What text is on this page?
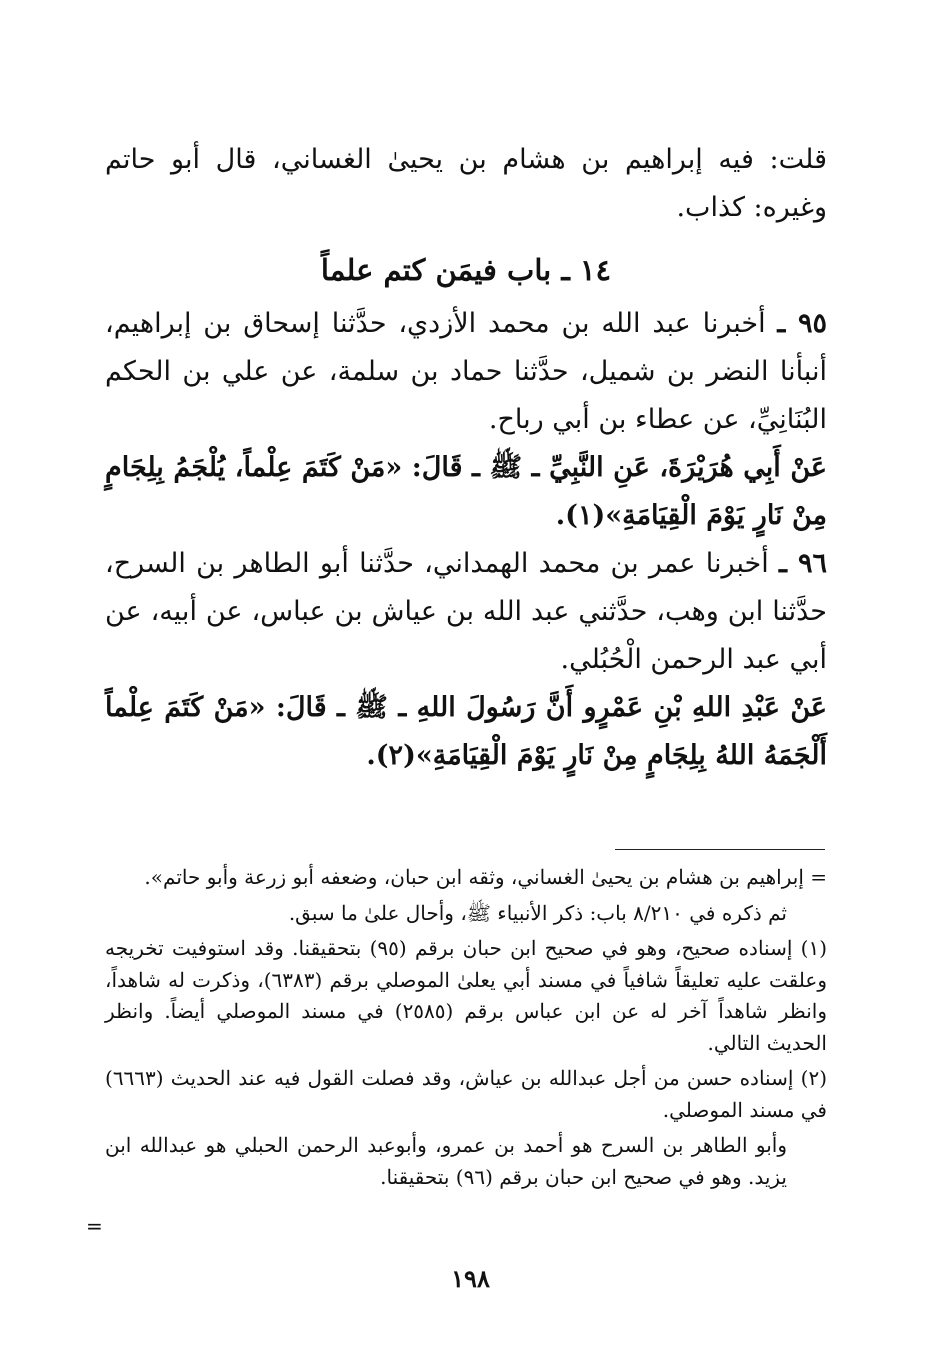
قلت: فيه إبراهيم بن هشام بن يحيىٰ الغساني، قال أبو حاتم وغيره: كذاب.

١٤ ـ باب فيمَن كتم علماً

٩٥ ـ أخبرنا عبد الله بن محمد الأزدي، حدَّثنا إسحاق بن إبراهيم، أنبأنا النضر بن شميل، حدَّثنا حماد بن سلمة، عن علي بن الحكم البُنَانِيِّ، عن عطاء بن أبي رباح.

عَنْ أَبِي هُرَيْرَةَ، عَنِ النَّبِيِّ ـ ﷺ ـ قَالَ: «مَنْ كَتَمَ عِلْماً، يُلْجَمُ بِلِجَامٍ مِنْ نَارٍ يَوْمَ الْقِيَامَةِ»(١).

٩٦ ـ أخبرنا عمر بن محمد الهمداني، حدَّثنا أبو الطاهر بن السرح، حدَّثنا ابن وهب، حدَّثني عبد الله بن عياش بن عباس، عن أبيه، عن أبي عبد الرحمن الْحُبُلي.

عَنْ عَبْدِ اللهِ بْنِ عَمْرٍو أَنَّ رَسُولَ اللهِ ـ ﷺ ـ قَالَ: «مَنْ كَتَمَ عِلْماً أَلْجَمَهُ اللهُ بِلِجَامٍ مِنْ نَارٍ يَوْمَ الْقِيَامَةِ»(٢).

= إبراهيم بن هشام بن يحيىٰ الغساني، وثقه ابن حبان، وضعفه أبو زرعة وأبو حاتم».

ثم ذكره في ٨/٢١٠ باب: ذكر الأنبياء ﷺ، وأحال علىٰ ما سبق.

(١) إسناده صحيح، وهو في صحيح ابن حبان برقم (٩٥) بتحقيقنا. وقد استوفيت تخريجه وعلقت عليه تعليقاً شافياً في مسند أبي يعلىٰ الموصلي برقم (٦٣٨٣)، وذكرت له شاهداً، وانظر شاهداً آخر له عن ابن عباس برقم (٢٥٨٥) في مسند الموصلي أيضاً. وانظر الحديث التالي.

(٢) إسناده حسن من أجل عبدالله بن عياش، وقد فصلت القول فيه عند الحديث (٦٦٦٣) في مسند الموصلي.

وأبو الطاهر بن السرح هو أحمد بن عمرو، وأبوعبد الرحمن الحبلي هو عبدالله ابن يزيد. وهو في صحيح ابن حبان برقم (٩٦) بتحقيقنا.

=
١٩٨
